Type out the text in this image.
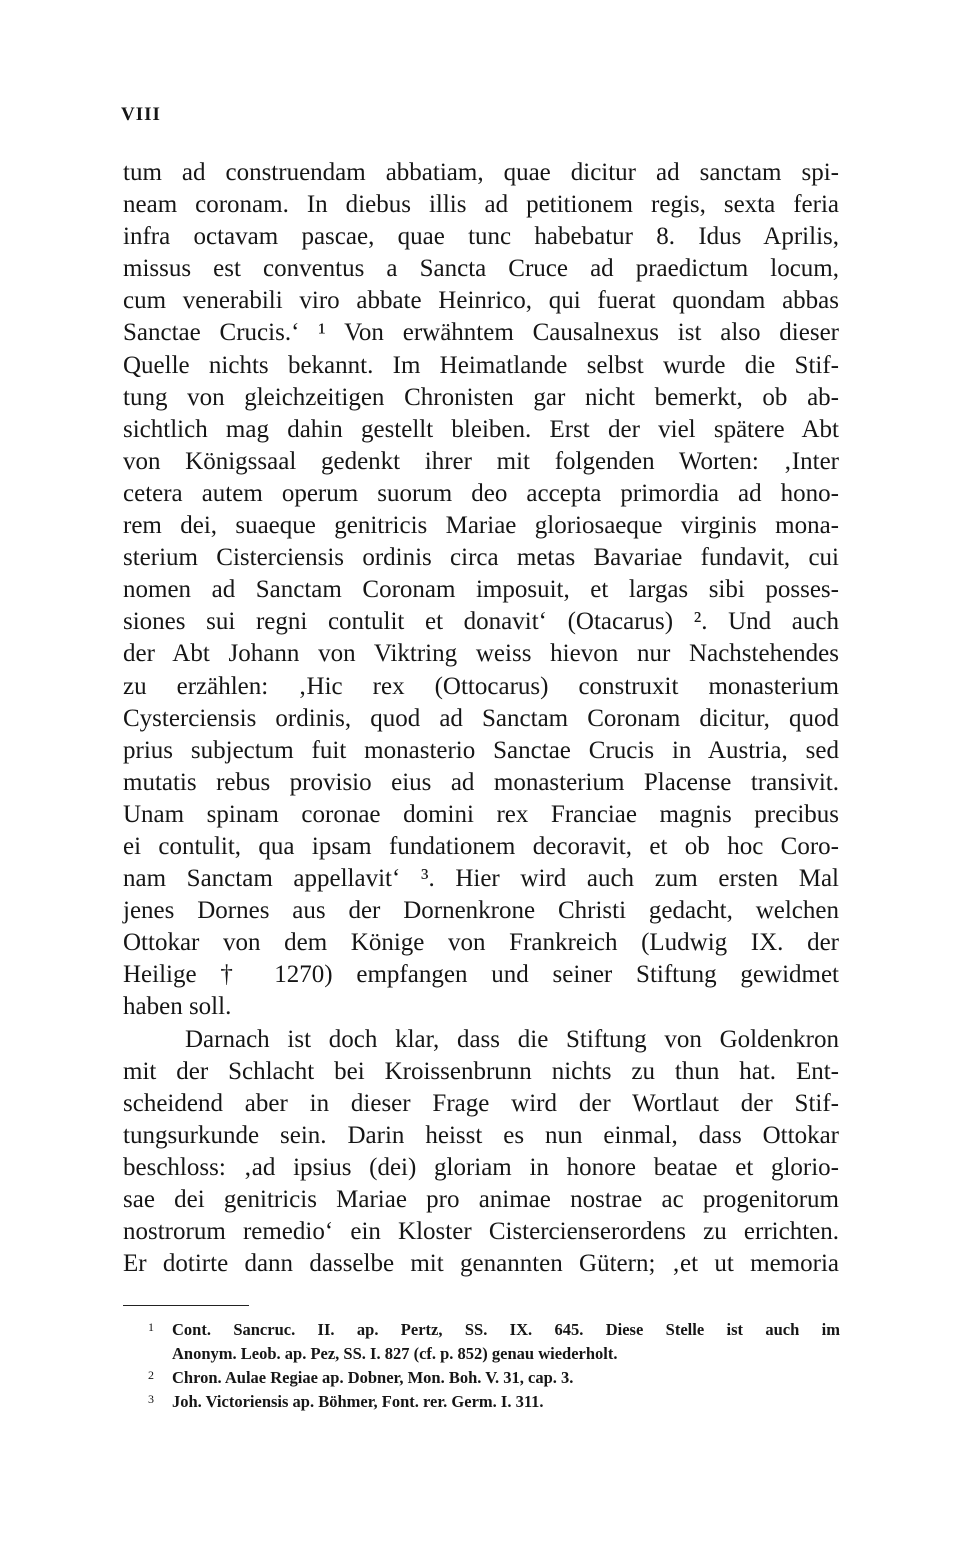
VIII
tum ad construendam abbatiam, quae dicitur ad sanctam spi-
neam coronam. In diebus illis ad petitionem regis, sexta feria
infra octavam pascae, quae tunc habebatur 8. Idus Aprilis,
missus est conventus a Sancta Cruce ad praedictum locum,
cum venerabili viro abbate Heinrico, qui fuerat quondam abbas
Sanctae Crucis.‘ ¹ Von erwähntem Causalnexus ist also dieser
Quelle nichts bekannt. Im Heimatlande selbst wurde die Stif-
tung von gleichzeitigen Chronisten gar nicht bemerkt, ob ab-
sichtlich mag dahin gestellt bleiben. Erst der viel spätere Abt
von Königssaal gedenkt ihrer mit folgenden Worten: ‚Inter
cetera autem operum suorum deo accepta primordia ad hono-
rem dei, suaeque genitricis Mariae gloriosaeque virginis mona-
sterium Cisterciensis ordinis circa metas Bavariae fundavit, cui
nomen ad Sanctam Coronam imposuit, et largas sibi posses-
siones sui regni contulit et donavit‘ (Otacarus) ². Und auch
der Abt Johann von Viktring weiss hievon nur Nachstehendes
zu erzählen: ‚Hic rex (Ottocarus) construxit monasterium
Cysterciensis ordinis, quod ad Sanctam Coronam dicitur, quod
prius subjectum fuit monasterio Sanctae Crucis in Austria, sed
mutatis rebus provisio eius ad monasterium Placense transivit.
Unam spinam coronae domini rex Franciae magnis precibus
ei contulit, qua ipsam fundationem decoravit, et ob hoc Coro-
nam Sanctam appellavit‘ ³. Hier wird auch zum ersten Mal
jenes Dornes aus der Dornenkrone Christi gedacht, welchen
Ottokar von dem Könige von Frankreich (Ludwig IX. der
Heilige † 1270) empfangen und seiner Stiftung gewidmet
haben soll.
Darnach ist doch klar, dass die Stiftung von Goldenkron
mit der Schlacht bei Kroissenbrunn nichts zu thun hat. Ent-
scheidend aber in dieser Frage wird der Wortlaut der Stif-
tungsurkunde sein. Darin heisst es nun einmal, dass Ottokar
beschloss: ‚ad ipsius (dei) gloriam in honore beatae et glorio-
sae dei genitricis Mariae pro animae nostrae ac progenitorum
nostrorum remedio‘ ein Kloster Cistercienserordens zu errichten.
Er dotirte dann dasselbe mit genannten Gütern; ‚et ut memoria
1	Cont. Sancruc. II. ap. Pertz, SS. IX. 645. Diese Stelle ist auch im
Anonym. Leob. ap. Pez, SS. I. 827 (cf. p. 852) genau wiederholt.
2	Chron. Aulae Regiae ap. Dobner, Mon. Boh. V. 31, cap. 3.
3	Joh. Victoriensis ap. Böhmer, Font. rer. Germ. I. 311.
